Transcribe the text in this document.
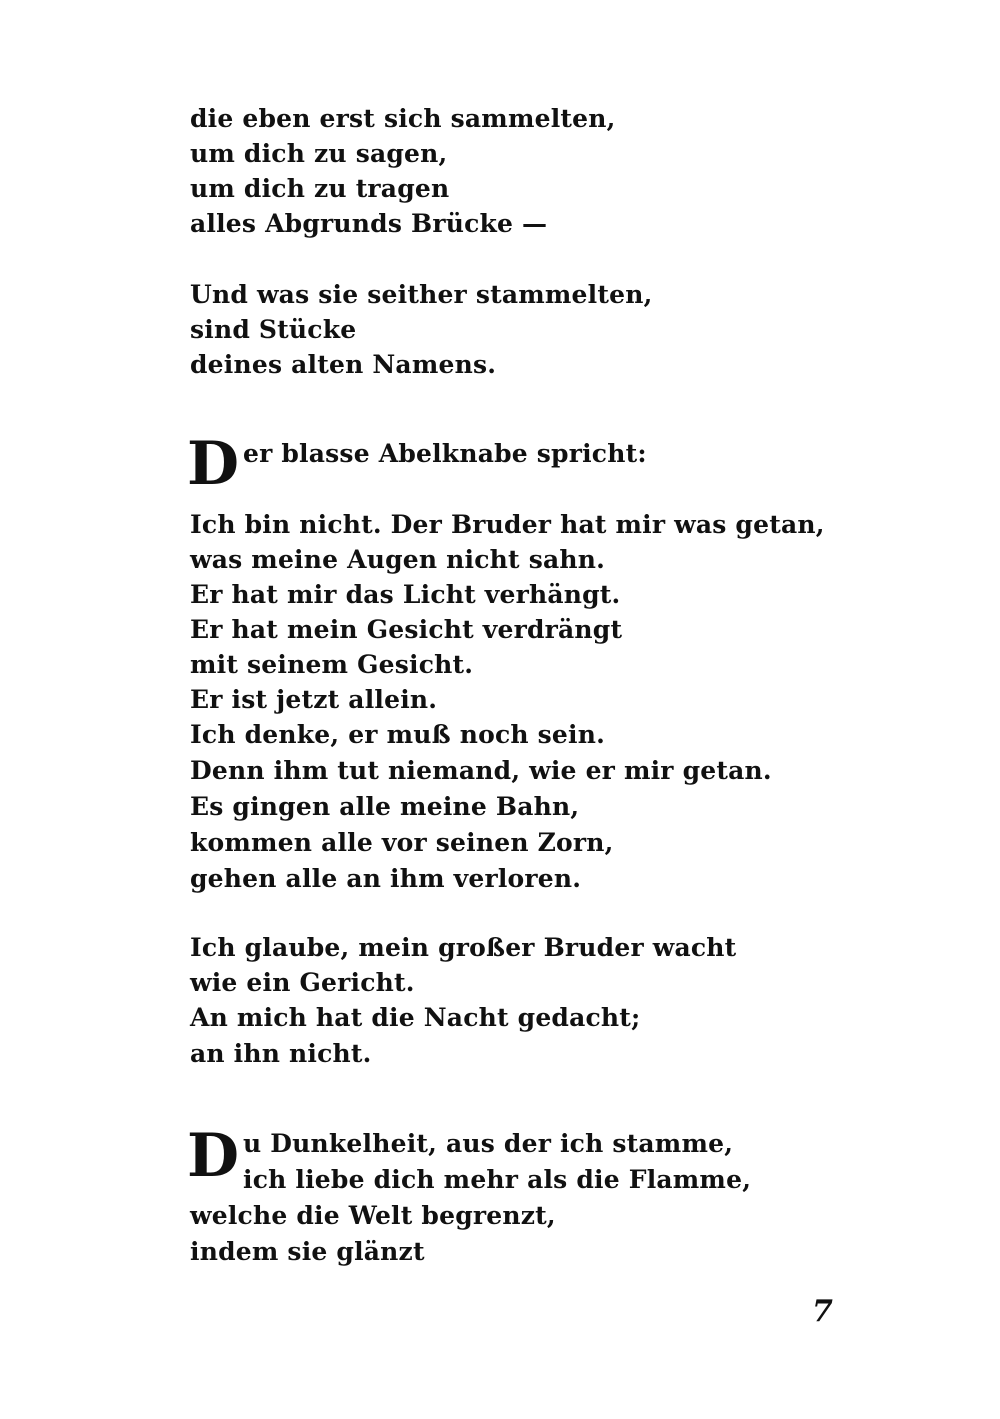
die eben erst sich sammelten,
um dich zu sagen,
um dich zu tragen
alles Abgrunds Brücke —
Und was sie seither stammelten,
sind Stücke
deines alten Namens.
D er blasse Abelknabe spricht:
Ich bin nicht. Der Bruder hat mir was getan,
was meine Augen nicht sahn.
Er hat mir das Licht verhängt.
Er hat mein Gesicht verdrängt
mit seinem Gesicht.
Er ist jetzt allein.
Ich denke, er muß noch sein.
Denn ihm tut niemand, wie er mir getan.
Es gingen alle meine Bahn,
kommen alle vor seinen Zorn,
gehen alle an ihm verloren.
Ich glaube, mein großer Bruder wacht
wie ein Gericht.
An mich hat die Nacht gedacht;
an ihn nicht.
D u Dunkelheit, aus der ich stamme,
ich liebe dich mehr als die Flamme,
welche die Welt begrenzt,
indem sie glänzt
7
